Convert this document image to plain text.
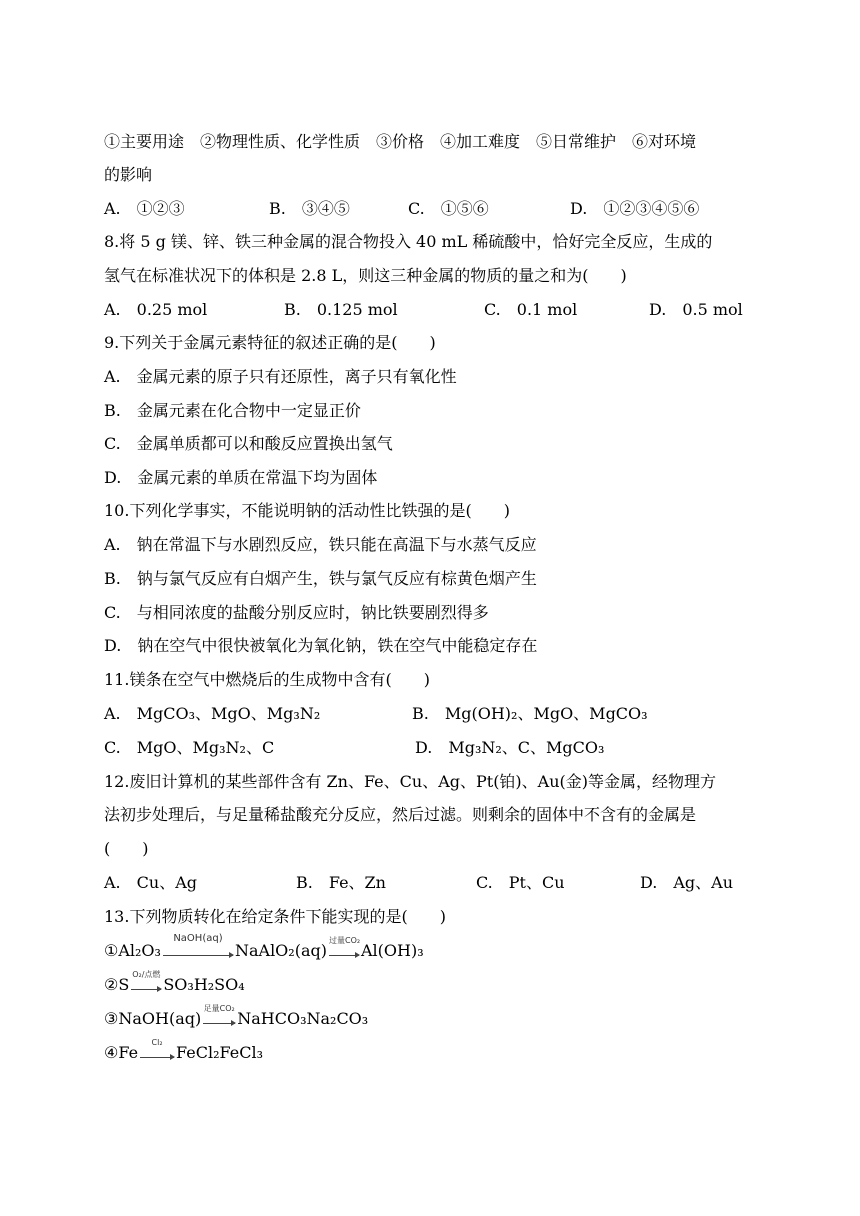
①主要用途　②物理性质、化学性质　③价格　④加工难度　⑤日常维护　⑥对环境
的影响
A.　①②③	B.　③④⑤	C.　①⑤⑥	D.　①②③④⑤⑥
8.将 5 g 镁、锌、铁三种金属的混合物投入 40 mL 稀硫酸中，恰好完全反应，生成的
氢气在标准状况下的体积是 2.8 L，则这三种金属的物质的量之和为(　　)
A.　0.25 mol	B.　0.125 mol	C.　0.1 mol	D.　0.5 mol
9.下列关于金属元素特征的叙述正确的是(　　)
A.　金属元素的原子只有还原性，离子只有氧化性
B.　金属元素在化合物中一定显正价
C.　金属单质都可以和酸反应置换出氢气
D.　金属元素的单质在常温下均为固体
10.下列化学事实，不能说明钠的活动性比铁强的是(　　)
A.　钠在常温下与水剧烈反应，铁只能在高温下与水蒸气反应
B.　钠与氯气反应有白烟产生，铁与氯气反应有棕黄色烟产生
C.　与相同浓度的盐酸分别反应时，钠比铁要剧烈得多
D.　钠在空气中很快被氧化为氧化钠，铁在空气中能稳定存在
11.镁条在空气中燃烧后的生成物中含有(　　)
A.　MgCO₃、MgO、Mg₃N₂	B.　Mg(OH)₂、MgO、MgCO₃
C.　MgO、Mg₃N₂、C	D.　Mg₃N₂、C、MgCO₃
12.废旧计算机的某些部件含有 Zn、Fe、Cu、Ag、Pt(铂)、Au(金)等金属，经物理方
法初步处理后，与足量稀盐酸充分反应，然后过滤。则剩余的固体中不含有的金属是
(　　)
A.　Cu、Ag	B.　Fe、Zn	C.　Pt、Cu	D.　Ag、Au
13.下列物质转化在给定条件下能实现的是(　　)
①Al₂O₃
NaOH(aq)
NaAlO₂(aq)
过量CO₂
Al(OH)₃
②S
O₂/点燃
SO₃H₂SO₄
③NaOH(aq)
足量CO₂
NaHCO₃Na₂CO₃
④Fe
Cl₂
FeCl₂FeCl₃
